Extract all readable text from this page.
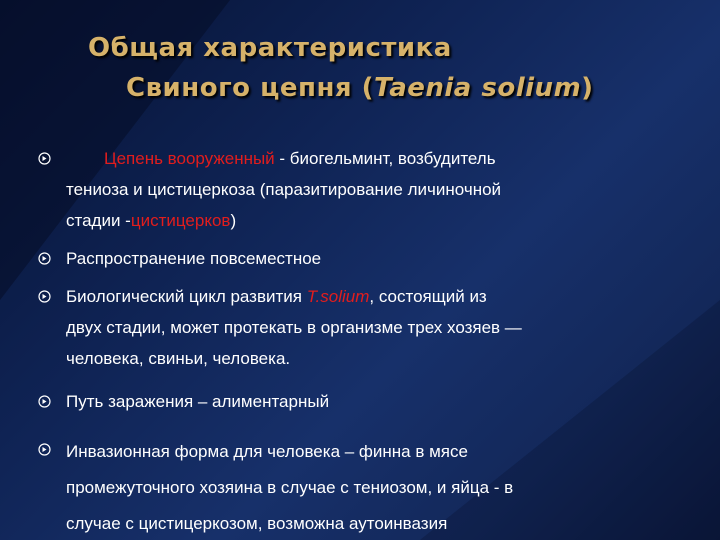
Общая характеристика
Свиного цепня (Taenia solium)
Цепень вооруженный - биогельминт, возбудитель
тениоза и цистицеркоза (паразитирование личиночной
стадии -цистицерков)
Распространение повсеместное
Биологический цикл развития T.solium, состоящий из
двух стадии, может протекать в организме трех хозяев —
человека, свиньи, человека.
Путь заражения – алиментарный
Инвазионная форма для человека – финна в мясе
промежуточного хозяина в случае с тениозом, и яйца - в
случае с цистицеркозом, возможна аутоинвазия
